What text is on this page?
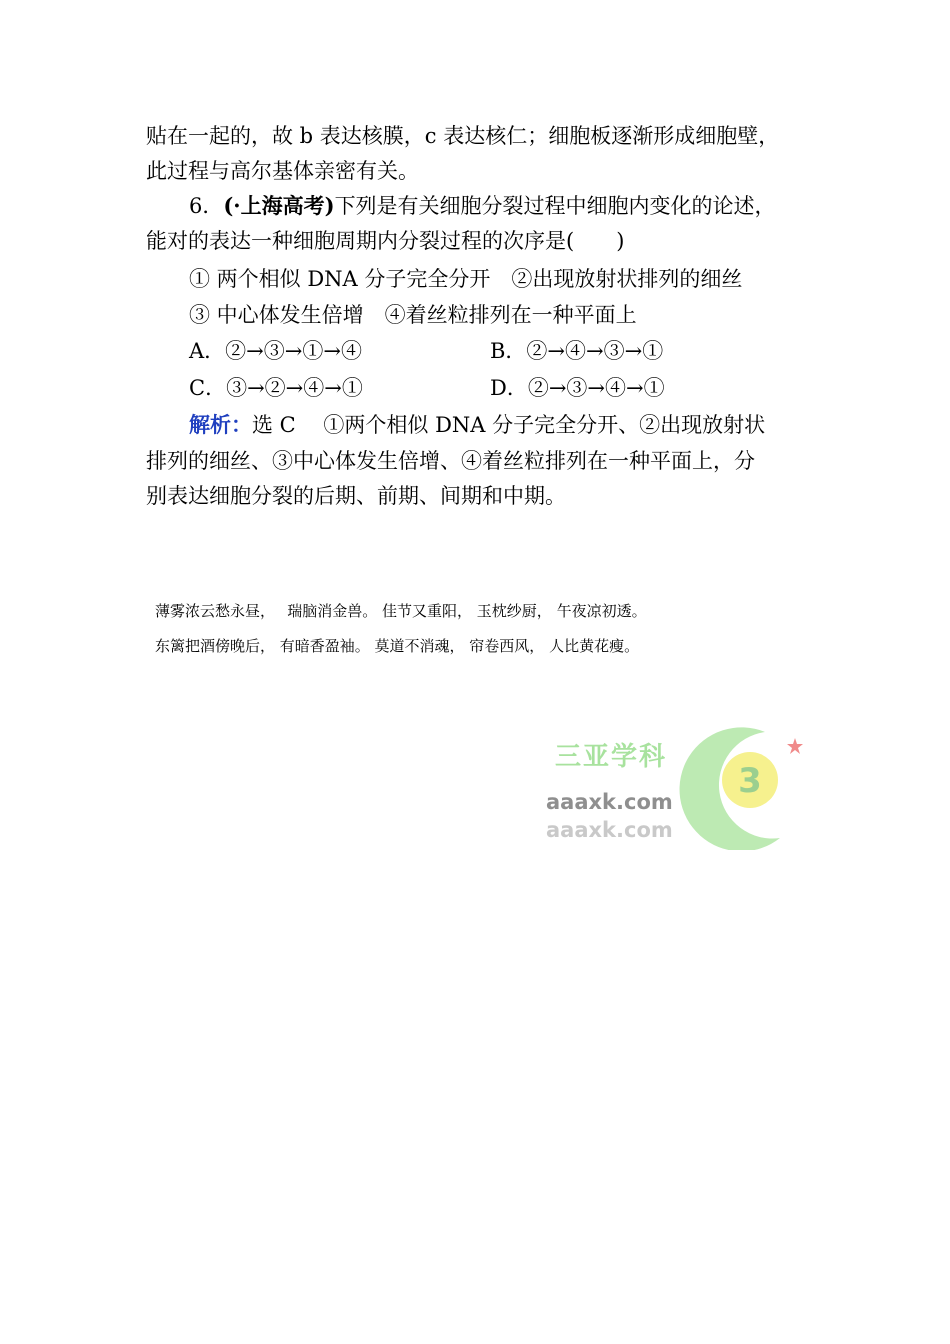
贴在一起的，故 b 表达核膜，c 表达核仁；细胞板逐渐形成细胞壁，
此过程与高尔基体亲密有关。
6．(·上海高考)下列是有关细胞分裂过程中细胞内变化的论述，
能对的表达一种细胞周期内分裂过程的次序是(　　)
① 两个相似 DNA 分子完全分开　②出现放射状排列的细丝
③ 中心体发生倍增　④着丝粒排列在一种平面上
A．②→③→①→④	B．②→④→③→①
C．③→②→④→①	D．②→③→④→①
解析：选 C　 ①两个相似 DNA 分子完全分开、②出现放射状
排列的细丝、③中心体发生倍增、④着丝粒排列在一种平面上，分
别表达细胞分裂的后期、前期、间期和中期。
薄雾浓云愁永昼，　 瑞脑消金兽。 佳节又重阳， 玉枕纱厨， 午夜凉初透。
东篱把酒傍晚后， 有暗香盈袖。 莫道不消魂， 帘卷西风， 人比黄花瘦。
3
三亚学科
aaaxk.com
aaaxk.com
